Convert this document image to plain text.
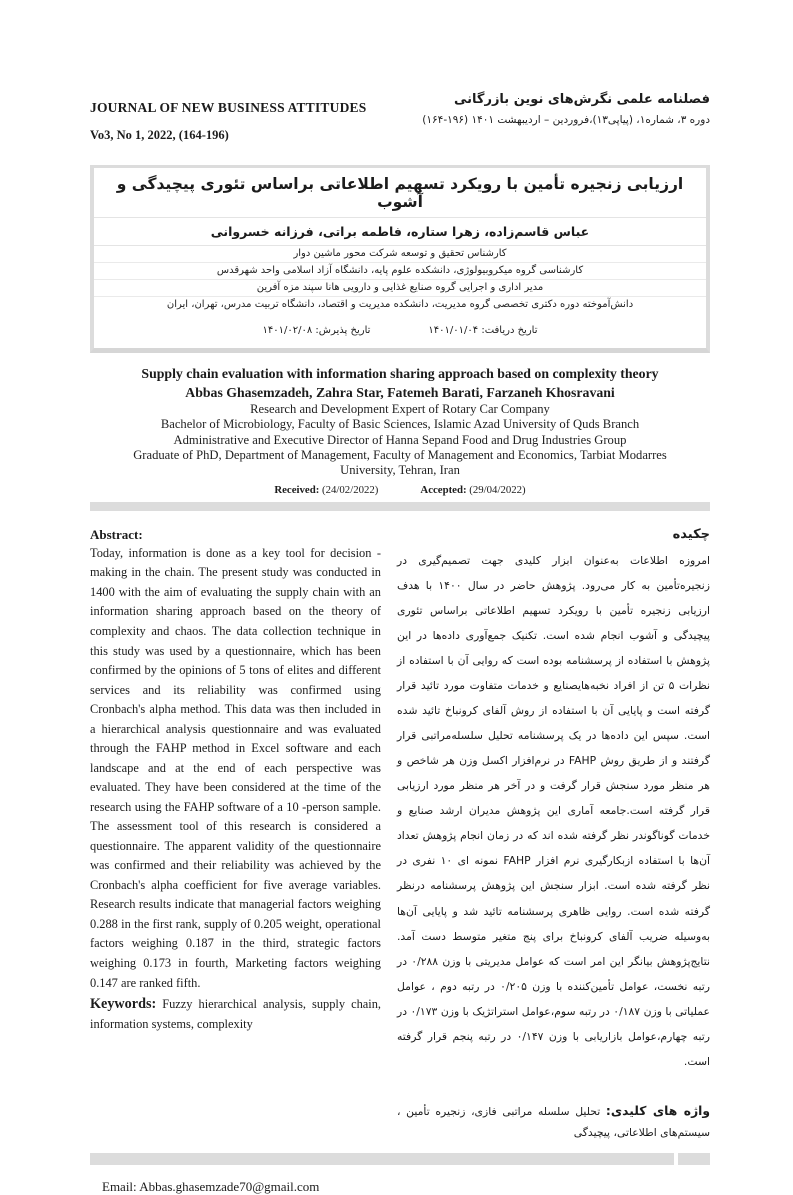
JOURNAL OF NEW BUSINESS ATTITUDES
Vo3, No 1, 2022, (164-196)
فصلنامه علمی نگرش‌های نوین بازرگانی
دوره ۳، شماره۱، (پیاپی۱۳)،فروردین – اردیبهشت ۱۴۰۱ (۱۹۶-۱۶۴)
ارزیابی زنجیره تأمین با رویکرد تسهیم اطلاعاتی براساس تئوری پیچیدگی و آشوب
عباس قاسم‌زاده، زهرا ستاره، فاطمه براتی، فرزانه خسروانی
کارشناس تحقیق و توسعه شرکت محور ماشین دوار
کارشناسی گروه میکروبیولوژی، دانشکده علوم پایه، دانشگاه آزاد اسلامی واحد شهرقدس
مدیر اداری و اجرایی گروه صنایع غذایی و دارویی هانا سپند مزه آفرین
دانش‌آموخته دوره دکتری تخصصی گروه مدیریت، دانشکده مدیریت و اقتصاد، دانشگاه تربیت مدرس، تهران، ایران
تاریخ دریافت: ۱۴۰۱/۰۱/۰۴
تاریخ پذیرش: ۱۴۰۱/۰۲/۰۸
Supply chain evaluation with information sharing approach based on complexity theory
Abbas Ghasemzadeh, Zahra Star, Fatemeh Barati, Farzaneh Khosravani
Research and Development Expert of Rotary Car Company
Bachelor of Microbiology, Faculty of Basic Sciences, Islamic Azad University of Quds Branch
Administrative and Executive Director of Hanna Sepand Food and Drug Industries Group
Graduate of PhD, Department of Management, Faculty of Management and Economics, Tarbiat Modarres University, Tehran, Iran
Received: (24/02/2022)	Accepted: (29/04/2022)
Abstract:
Today, information is done as a key tool for decision - making in the chain. The present study was conducted in 1400 with the aim of evaluating the supply chain with an information sharing approach based on the theory of complexity and chaos. The data collection technique in this study was used by a questionnaire, which has been confirmed by the opinions of 5 tons of elites and different services and its reliability was confirmed using Cronbach's alpha method. This data was then included in a hierarchical analysis questionnaire and was evaluated through the FAHP method in Excel software and each landscape and at the end of each perspective was evaluated. They have been considered at the time of the research using the FAHP software of a 10 -person sample. The assessment tool of this research is considered a questionnaire. The apparent validity of the questionnaire was confirmed and their reliability was achieved by the Cronbach's alpha coefficient for five average variables. Research results indicate that managerial factors weighing 0.288 in the first rank, supply of 0.205 weight, operational factors weighing 0.187 in the third, strategic factors weighing 0.173 in fourth, Marketing factors weighing 0.147 are ranked fifth.
Keywords: Fuzzy hierarchical analysis, supply chain, information systems, complexity
چکیده
امروزه اطلاعات به‌عنوان ابزار کلیدی جهت تصمیم‌گیری در زنجیره‌تأمین به کار می‌رود. پژوهش حاضر در سال ۱۴۰۰ با هدف ارزیابی زنجیره تأمین با رویکرد تسهیم اطلاعاتی براساس تئوری پیچیدگی و آشوب انجام شده است. تکنیک جمع‌آوری داده‌ها در این پژوهش با استفاده از پرسشنامه بوده است که روایی آن با استفاده از نظرات ۵ تن از افراد نخبه‌هایصنایع و خدمات متفاوت مورد تائید قرار گرفته است و پایایی آن با استفاده از روش آلفای کرونباخ تائید شده است. سپس این داده‌ها در یک پرسشنامه تحلیل سلسله‌مراتبی قرار گرفتند و از طریق روش FAHP در نرم‌افزار اکسل وزن هر شاخص و هر منظر مورد سنجش قرار گرفت و در آخر هر منظر مورد ارزیابی قرار گرفته است.جامعه آماری این پژوهش مدیران ارشد صنایع و خدمات گوناگوندر نظر گرفته شده اند که در زمان انجام پژوهش تعداد آن‌ها با استفاده ازبکارگیری نرم افزار FAHP نمونه ای ۱۰ نفری در نظر گرفته شده است. ابزار سنجش این پژوهش پرسشنامه درنظر گرفته شده است. روایی ظاهری پرسشنامه تائید شد و پایایی آن‌ها به‌وسیله ضریب آلفای کرونباخ برای پنج متغیر متوسط دست آمد. نتایج‌پژوهش بیانگر این امر است که عوامل مدیریتی با وزن ۰/۲۸۸ در رتبه نخست، عوامل تأمین‌کننده با وزن ۰/۲۰۵ در رتبه دوم ، عوامل عملیاتی با وزن ۰/۱۸۷ در رتبه سوم،عوامل استراتژیک با وزن ۰/۱۷۳ در رتبه چهارم،عوامل بازاریابی با وزن ۰/۱۴۷ در رتبه پنجم قرار گرفته است.
واژه های کلیدی: تحلیل سلسله مراتبی فازی، زنجیره تأمین ، سیستم‌های اطلاعاتی، پیچیدگی
Email: Abbas.ghasemzade70@gmail.com
